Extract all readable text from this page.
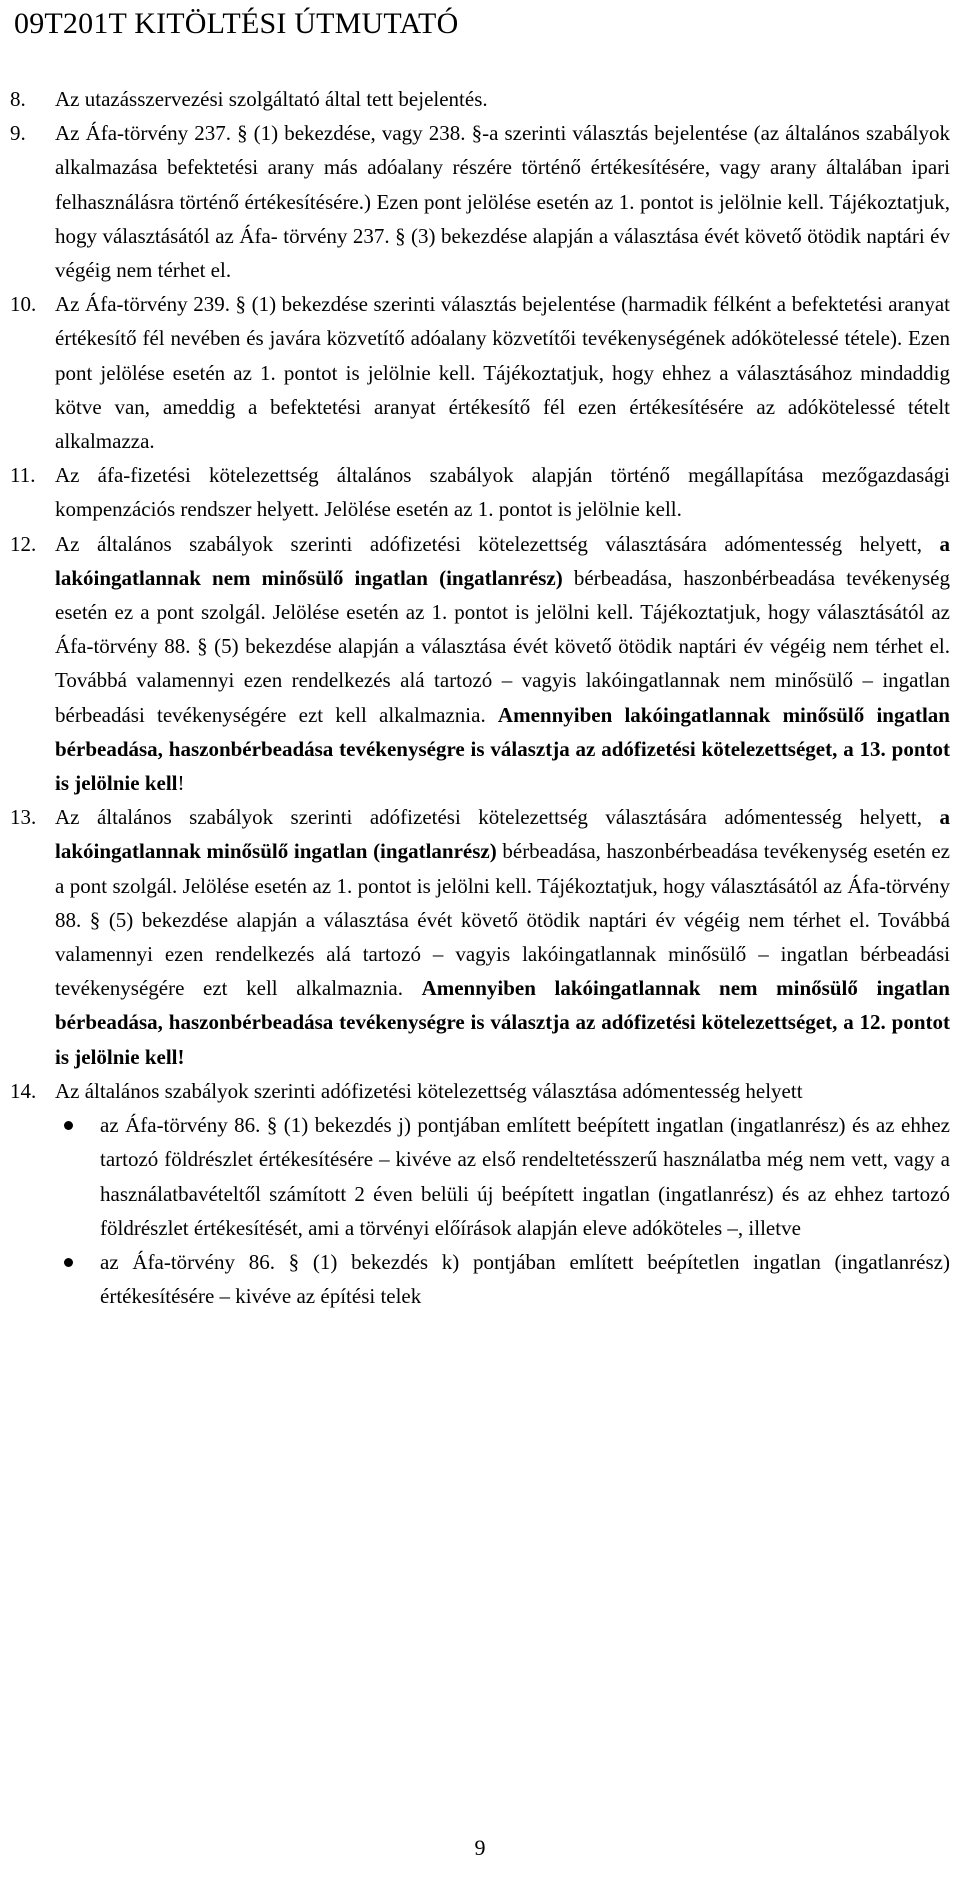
09T201T KITÖLTÉSI ÚTMUTATÓ
8.	Az utazásszervezési szolgáltató által tett bejelentés.
9.	Az Áfa-törvény 237. § (1) bekezdése, vagy 238. §-a szerinti választás bejelentése (az általános szabályok alkalmazása befektetési arany más adóalany részére történő értékesítésére, vagy arany általában ipari felhasználásra történő értékesítésére.) Ezen pont jelölése esetén az 1. pontot is jelölnie kell. Tájékoztatjuk, hogy választásától az Áfa- törvény 237. § (3) bekezdése alapján a választása évét követő ötödik naptári év végéig nem térhet el.
10. Az Áfa-törvény 239. § (1) bekezdése szerinti választás bejelentése (harmadik félként a befektetési aranyat értékesítő fél nevében és javára közvetítő adóalany közvetítői tevékenységének adókötelessé tétele). Ezen pont jelölése esetén az 1. pontot is jelölnie kell. Tájékoztatjuk, hogy ehhez a választásához mindaddig kötve van, ameddig a befektetési aranyat értékesítő fél ezen értékesítésére az adókötelessé tételt alkalmazza.
11. Az áfa-fizetési kötelezettség általános szabályok alapján történő megállapítása mezőgazdasági kompenzációs rendszer helyett. Jelölése esetén az 1. pontot is jelölnie kell.
12. Az általános szabályok szerinti adófizetési kötelezettség választására adómentesség helyett, a lakóingatlannak nem minősülő ingatlan (ingatlanrész) bérbeadása, haszonbérbeadása tevékenység esetén ez a pont szolgál. Jelölése esetén az 1. pontot is jelölni kell. Tájékoztatjuk, hogy választásától az Áfa-törvény 88. § (5) bekezdése alapján a választása évét követő ötödik naptári év végéig nem térhet el. Továbbá valamennyi ezen rendelkezés alá tartozó – vagyis lakóingatlannak nem minősülő – ingatlan bérbeadási tevékenységére ezt kell alkalmaznia. Amennyiben lakóingatlannak minősülő ingatlan bérbeadása, haszonbérbeadása tevékenységre is választja az adófizetési kötelezettséget, a 13. pontot is jelölnie kell!
13. Az általános szabályok szerinti adófizetési kötelezettség választására adómentesség helyett, a lakóingatlannak minősülő ingatlan (ingatlanrész) bérbeadása, haszonbérbeadása tevékenység esetén ez a pont szolgál. Jelölése esetén az 1. pontot is jelölni kell. Tájékoztatjuk, hogy választásától az Áfa-törvény 88. § (5) bekezdése alapján a választása évét követő ötödik naptári év végéig nem térhet el. Továbbá valamennyi ezen rendelkezés alá tartozó – vagyis lakóingatlannak minősülő – ingatlan bérbeadási tevékenységére ezt kell alkalmaznia. Amennyiben lakóingatlannak nem minősülő ingatlan bérbeadása, haszonbérbeadása tevékenységre is választja az adófizetési kötelezettséget, a 12. pontot is jelölnie kell!
14. Az általános szabályok szerinti adófizetési kötelezettség választása adómentesség helyett
az Áfa-törvény 86. § (1) bekezdés j) pontjában említett beépített ingatlan (ingatlanrész) és az ehhez tartozó földrészlet értékesítésére – kivéve az első rendeltetésszerű használatba még nem vett, vagy a használatbavételtől számított 2 éven belüli új beépített ingatlan (ingatlanrész) és az ehhez tartozó földrészlet értékesítését, ami a törvényi előírások alapján eleve adóköteles –, illetve
az Áfa-törvény 86. § (1) bekezdés k) pontjában említett beépítetlen ingatlan (ingatlanrész) értékesítésére – kivéve az építési telek
9
